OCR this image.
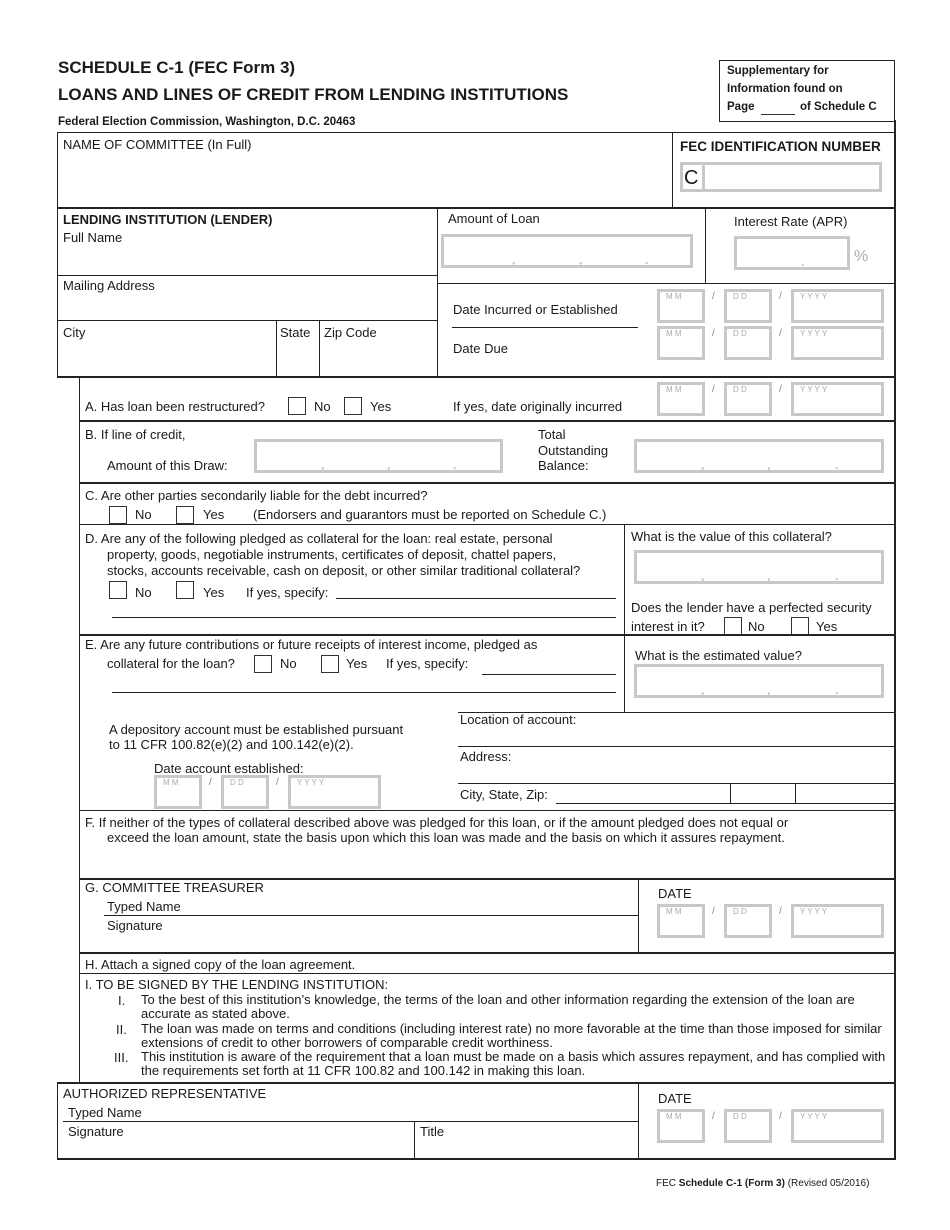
SCHEDULE C-1 (FEC Form 3)
LOANS AND LINES OF CREDIT FROM LENDING INSTITUTIONS
Federal Election Commission, Washington, D.C. 20463
Supplementary for
Information found on
Page	of Schedule C
NAME OF COMMITTEE (In Full)	FEC IDENTIFICATION NUMBER
C
LENDING INSTITUTION (LENDER)
Full Name
Mailing Address
City	State Zip Code
Amount of Loan
,	,	.
Interest Rate (APR)
.	%
Date Incurred or Established
Date Due
M M	/ D D	/ Y Y Y Y
M M	/ D D	/ Y Y Y Y
M M	/ D D	/ Y Y Y Y
M M	/ D D	/ Y Y Y Y
M M	/ D D	/ Y Y Y Y
M M	/ D D	/ Y Y Y Y
A. Has loan been restructured?	No	Yes	If yes, date originally incurred
B. If line of credit,
Amount of this Draw:	,	,	.
Total
Outstanding
Balance:	,	,	.
C. Are other parties secondarily liable for the debt incurred?
No	Yes (Endorsers and guarantors must be reported on Schedule C.)
D. Are any of the following pledged as collateral for the loan: real estate, personal
property, goods, negotiable instruments, certificates of deposit, chattel papers,
stocks, accounts receivable, cash on deposit, or other similar traditional collateral?
No	Yes If yes, specify:
What is the value of this collateral?
,	,	.
Does the lender have a perfected security
interest in it?	No	Yes
E. Are any future contributions or future receipts of interest income, pledged as
collateral for the loan?	No	Yes If yes, specify:
What is the estimated value?
,	,	.
A depository account must be established pursuant
to 11 CFR 100.82(e)(2) and 100.142(e)(2).
Date account established:
Location of account:
Address:
City, State, Zip:
F. If neither of the types of collateral described above was pledged for this loan, or if the amount pledged does not equal or
exceed the loan amount, state the basis upon which this loan was made and the basis on which it assures repayment.
G. COMMITTEE TREASURER
Typed Name
Signature
DATE
H. Attach a signed copy of the loan agreement.
I. TO BE SIGNED BY THE LENDING INSTITUTION:
I. To the best of this institution’s knowledge, the terms of the loan and other information regarding the extension of the loan are accurate as stated above.
II. The loan was made on terms and conditions (including interest rate) no more favorable at the time than those imposed for similar extensions of credit to other borrowers of comparable credit worthiness.
III. This institution is aware of the requirement that a loan must be made on a basis which assures repayment, and has complied with the requirements set forth at 11 CFR 100.82 and 100.142 in making this loan.
AUTHORIZED REPRESENTATIVE
Typed Name
Signature	Title
DATE
FEC Schedule C-1 (Form 3) (Revised 05/2016)
